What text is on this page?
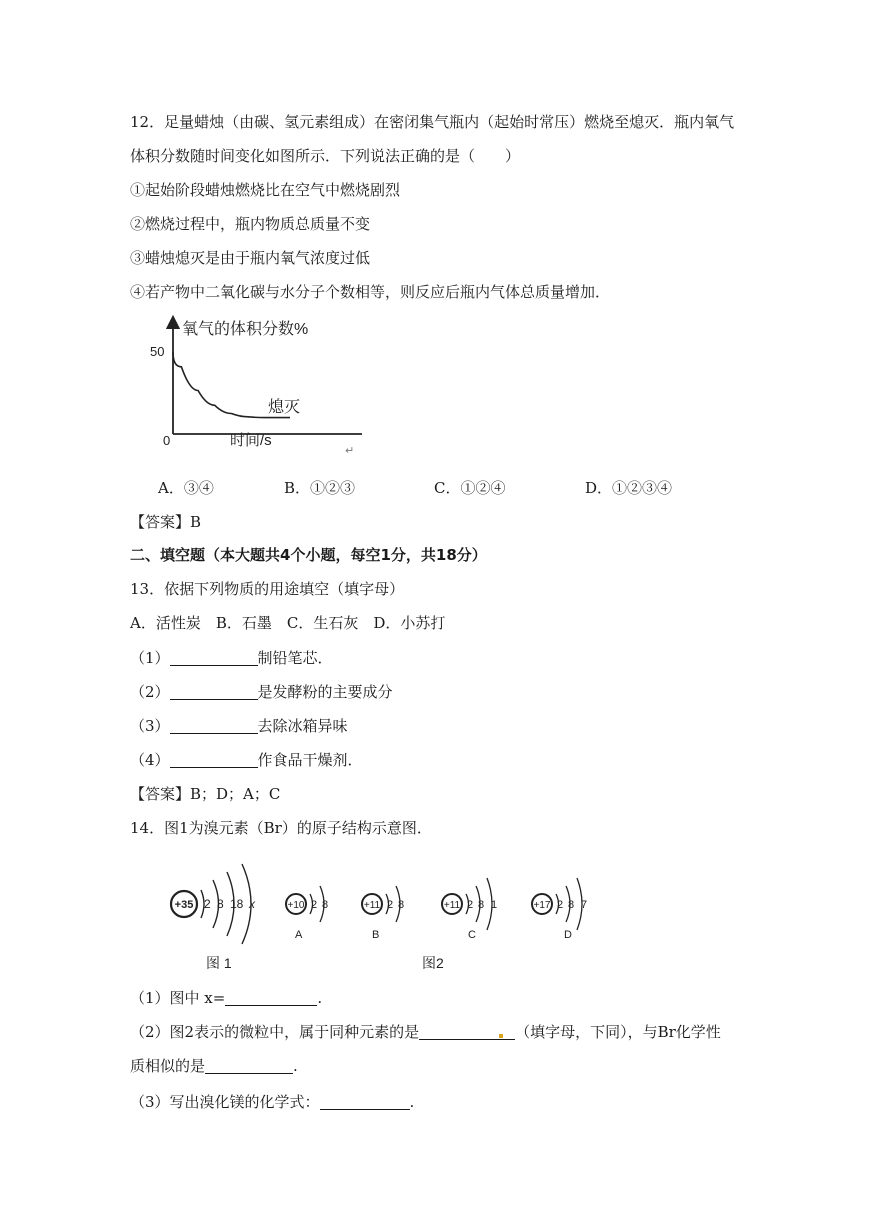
12．足量蜡烛（由碳、氢元素组成）在密闭集气瓶内（起始时常压）燃烧至熄灭．瓶内氧气
体积分数随时间变化如图所示．下列说法正确的是（　　）
①起始阶段蜡烛燃烧比在空气中燃烧剧烈
②燃烧过程中，瓶内物质总质量不变
③蜡烛熄灭是由于瓶内氧气浓度过低
④若产物中二氧化碳与水分子个数相等，则反应后瓶内气体总质量增加．
氧气的体积分数%
50
0	时间/s
熄灭
↵
A．③④	B．①②③	C．①②④	D．①②③④
【答案】B
二、填空题（本大题共4个小题，每空1分，共18分）
13．依据下列物质的用途填空（填字母）
A．活性炭　B．石墨　C．生石灰　D．小苏打
（1）	制铅笔芯．
（2）	是发酵粉的主要成分
（3）	去除冰箱异味
（4）	作食品干燥剂．
【答案】B；D；A；C
14．图1为溴元素（Br）的原子结构示意图．
+35 2 8 18 x	+10 2 8
A
+11 2 8
B
+11 2 8 1
C
+17 2 8 7
D
图 1	图2
（1）图中 x=	.
（2）图2表示的微粒中，属于同种元素的是	（填字母，下同），与Br化学性
质相似的是	.
（3）写出溴化镁的化学式：	.
